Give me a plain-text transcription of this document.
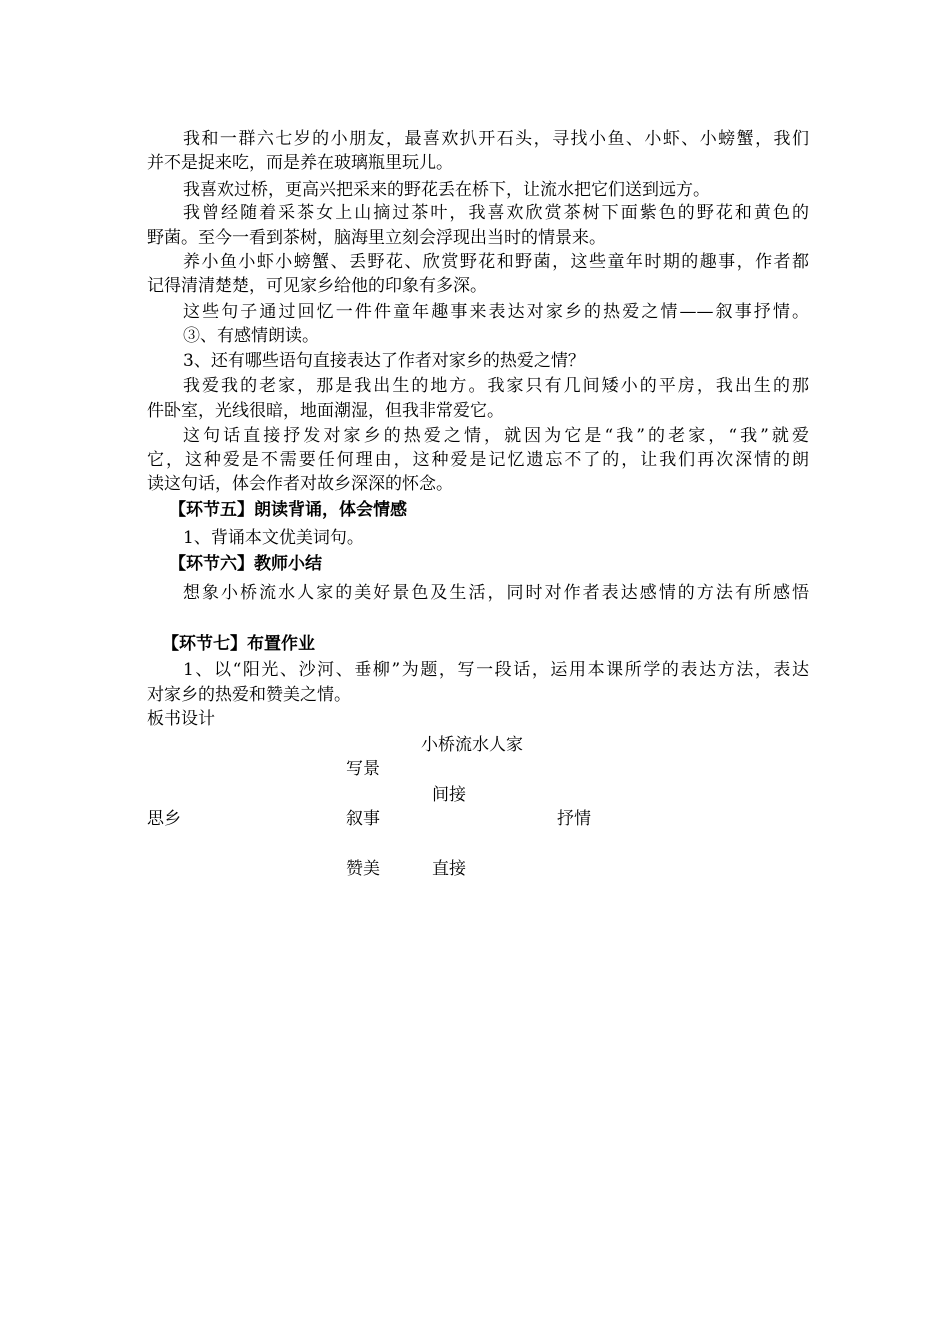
我和一群六七岁的小朋友，最喜欢扒开石头，寻找小鱼、小虾、小螃蟹，我们
并不是捉来吃，而是养在玻璃瓶里玩儿。
我喜欢过桥，更高兴把采来的野花丢在桥下，让流水把它们送到远方。
我曾经随着采茶女上山摘过茶叶，我喜欢欣赏茶树下面紫色的野花和黄色的
野菌。至今一看到茶树，脑海里立刻会浮现出当时的情景来。
养小鱼小虾小螃蟹、丢野花、欣赏野花和野菌，这些童年时期的趣事，作者都
记得清清楚楚，可见家乡给他的印象有多深。
这些句子通过回忆一件件童年趣事来表达对家乡的热爱之情——叙事抒情。
③、有感情朗读。
3、还有哪些语句直接表达了作者对家乡的热爱之情？
我爱我的老家，那是我出生的地方。我家只有几间矮小的平房，我出生的那
件卧室，光线很暗，地面潮湿，但我非常爱它。
这句话直接抒发对家乡的热爱之情，就因为它是“我”的老家，“我”就爱
它，这种爱是不需要任何理由，这种爱是记忆遗忘不了的，让我们再次深情的朗
读这句话，体会作者对故乡深深的怀念。
【环节五】朗读背诵，体会情感
1、背诵本文优美词句。
【环节六】教师小结
想象小桥流水人家的美好景色及生活，同时对作者表达感情的方法有所感悟
【环节七】布置作业
1、以“阳光、沙河、垂柳”为题，写一段话，运用本课所学的表达方法，表达
对家乡的热爱和赞美之情。
板书设计
小桥流水人家
写景
间接
思乡	叙事	抒情
赞美	直接
